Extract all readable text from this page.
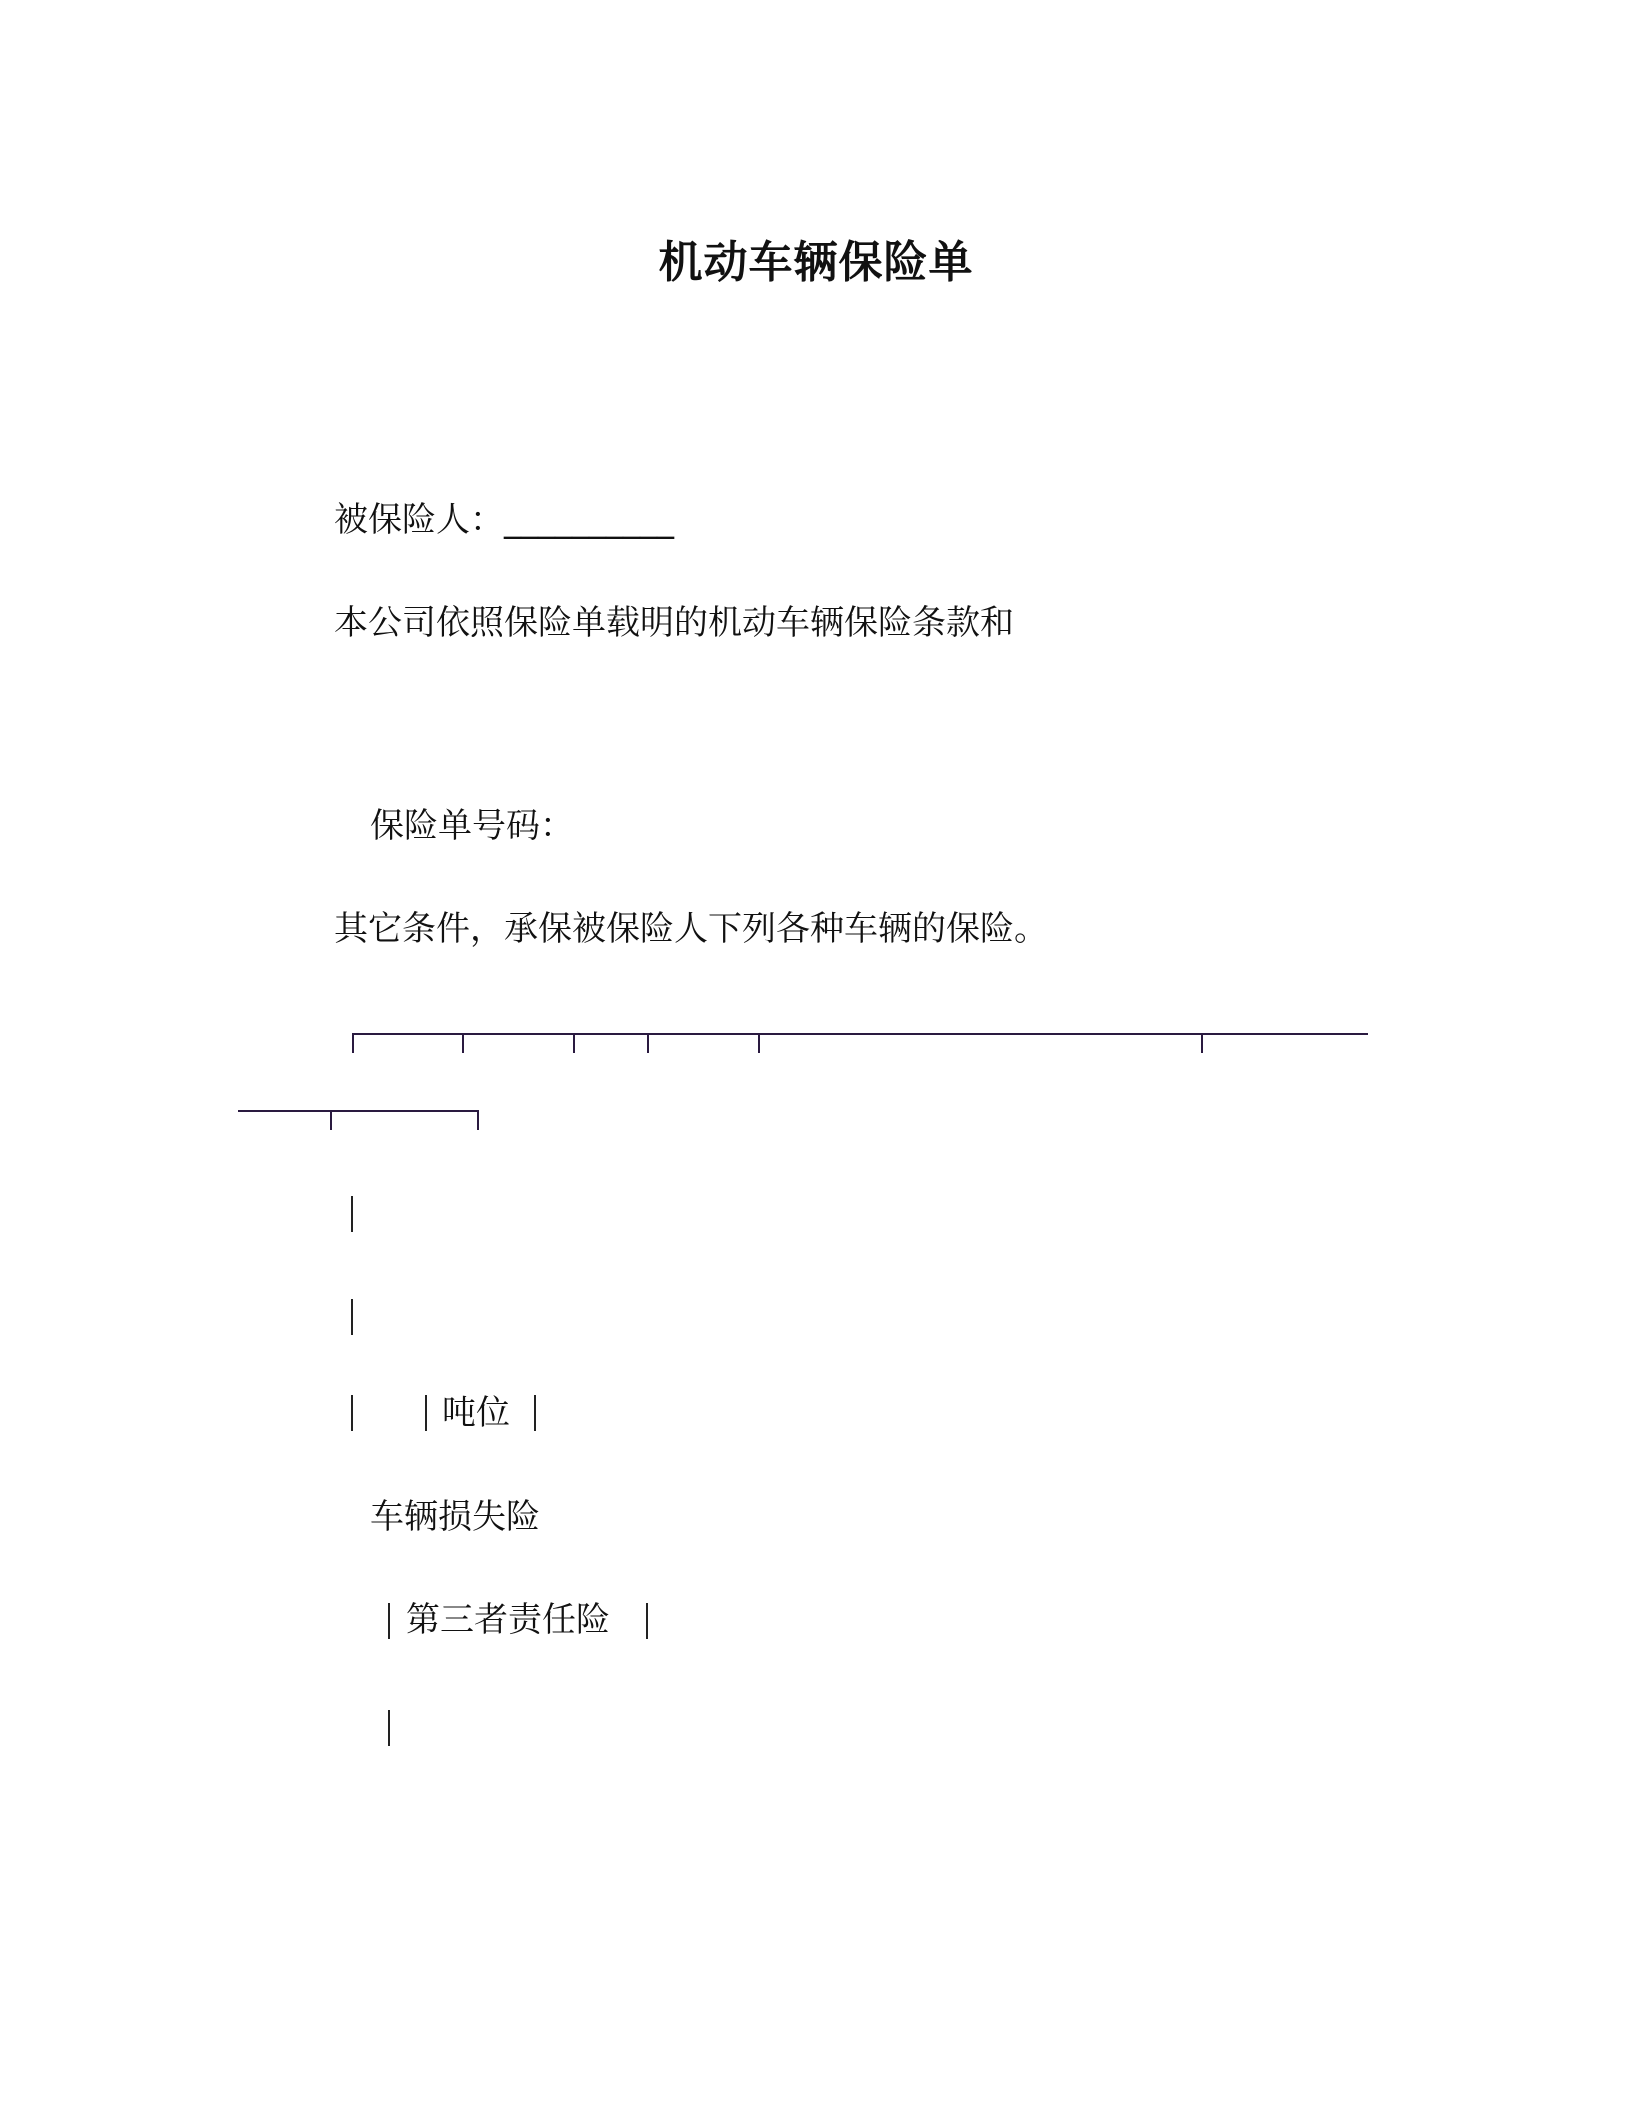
机动车辆保险单
被保险人：__________
本公司依照保险单载明的机动车辆保险条款和
保险单号码：
其它条件，承保被保险人下列各种车辆的保险。
吨位
车辆损失险
第三者责任险
